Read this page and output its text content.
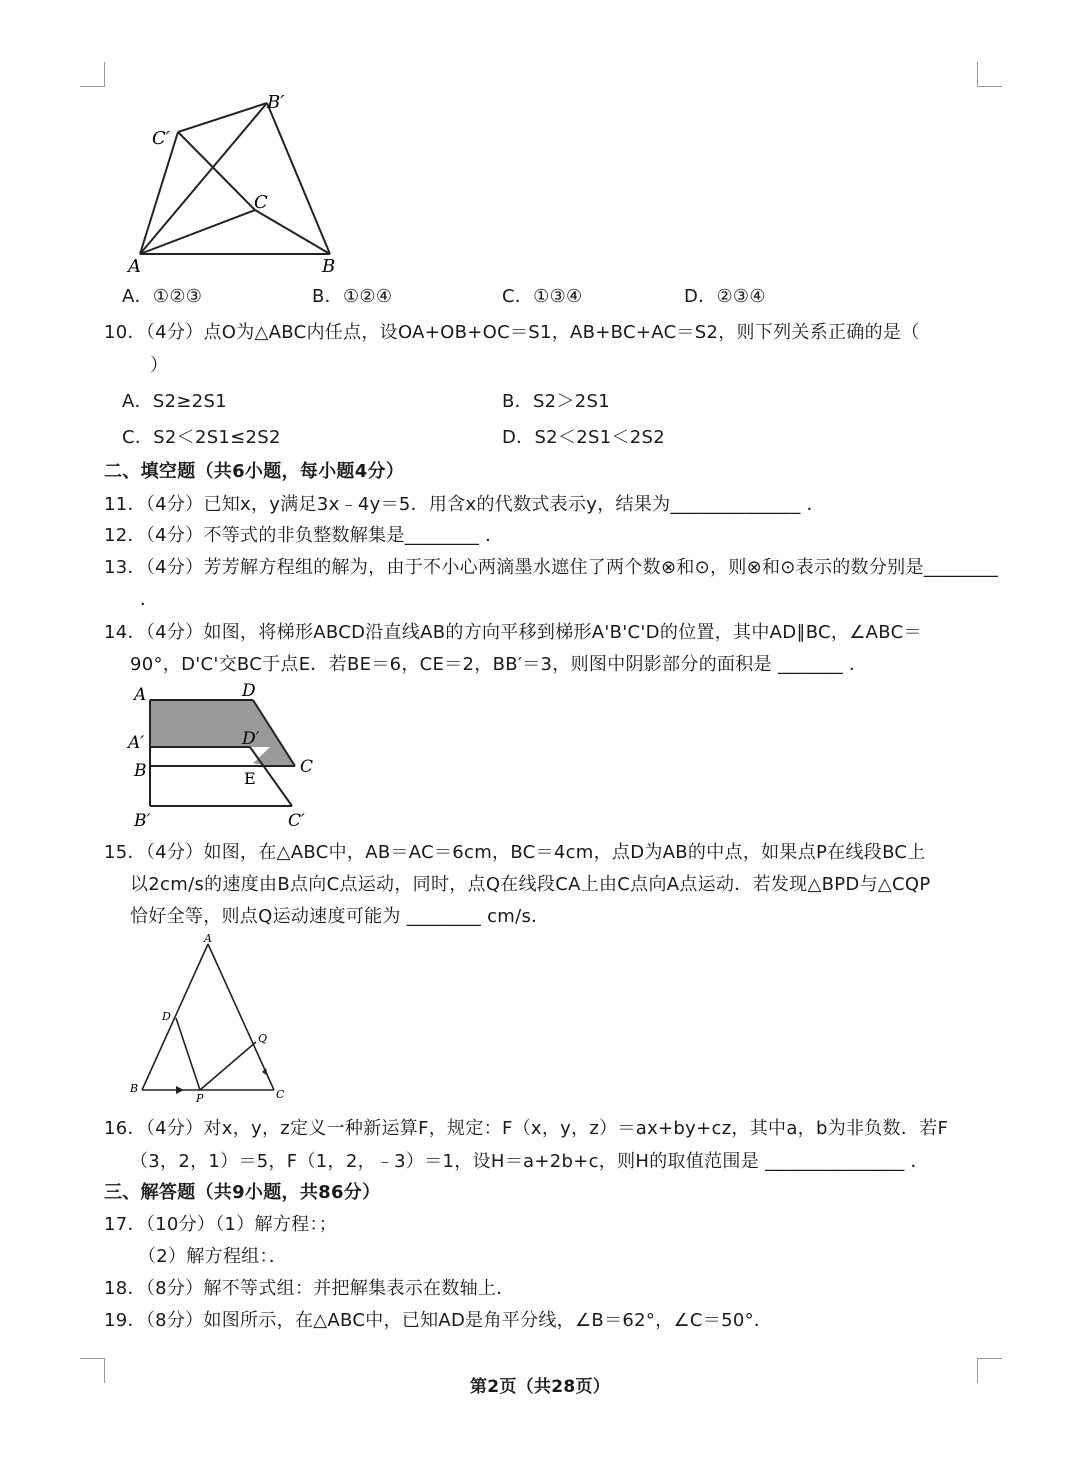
A	B
C
B′
C′
A．①②③	B．①②④	C．①③④	D．②③④
10．（4分）点O为△ABC内任点，设OA+OB+OC＝S1，AB+BC+AC＝S2，则下列关系正确的是（
）
A．S2≥2S1	B．S2＞2S1
C．S2＜2S1≤2S2	D．S2＜2S1＜2S2
二、填空题（共6小题，每小题4分）
11．（4分）已知x，y满足3x﹣4y＝5．用含x的代数式表示y，结果为______________ ．
12．（4分）不等式的非负整数解集是________ ．
13．（4分）芳芳解方程组的解为，由于不小心两滴墨水遮住了两个数⊗和⊙，则⊗和⊙表示的数分别是________
．
14．（4分）如图，将梯形ABCD沿直线AB的方向平移到梯形A'B'C'D的位置，其中AD∥BC，∠ABC＝
90°，D'C'交BC于点E．若BE＝6，CE＝2，BB′＝3，则图中阴影部分的面积是 _______ ．
A	D
A′	D′
B	E
C
B′	C′
15．（4分）如图，在△ABC中，AB＝AC＝6cm，BC＝4cm，点D为AB的中点，如果点P在线段BC上
以2cm/s的速度由B点向C点运动，同时，点Q在线段CA上由C点向A点运动．若发现△BPD与△CQP
恰好全等，则点Q运动速度可能为 ________ cm/s．
A
D
Q
B
P	C
16．（4分）对x，y，z定义一种新运算F，规定：F（x，y，z）＝ax+by+cz，其中a，b为非负数．若F
（3，2，1）＝5，F（1，2，﹣3）＝1，设H＝a+2b+c，则H的取值范围是 _______________ ．
三、解答题（共9小题，共86分）
17．（10分）（1）解方程：；
（2）解方程组：．
18．（8分）解不等式组：并把解集表示在数轴上．
19．（8分）如图所示，在△ABC中，已知AD是角平分线，∠B＝62°，∠C＝50°．
第2页（共28页）
